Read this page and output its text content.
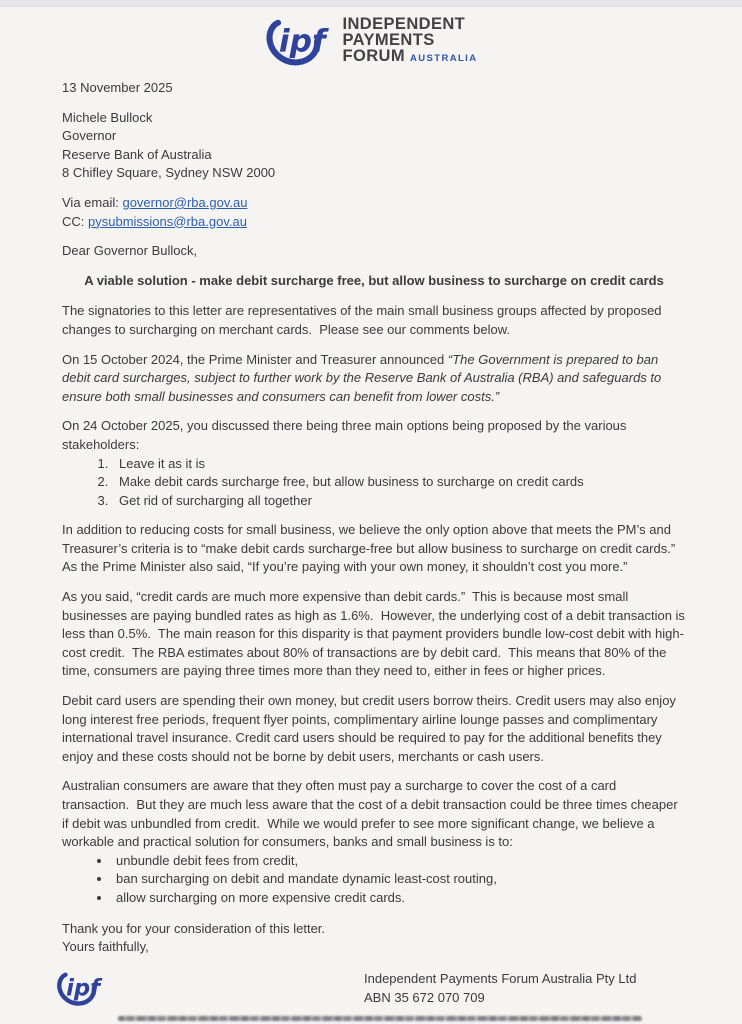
ipf INDEPENDENT
PAYMENTS
FORUM AUSTRALIA

13 November 2025

Michele Bullock
Governor
Reserve Bank of Australia
8 Chifley Square, Sydney NSW 2000

Via email: governor@rba.gov.au

CC: pysubmissions@rba.gov.au

Dear Governor Bullock,

A viable solution - make debit surcharge free, but allow business to surcharge on credit cards

The signatories to this letter are representatives of the main small business groups affected by proposed changes to surcharging on merchant cards.  Please see our comments below.

On 15 October 2024, the Prime Minister and Treasurer announced “The Government is prepared to ban debit card surcharges, subject to further work by the Reserve Bank of Australia (RBA) and safeguards to ensure both small businesses and consumers can benefit from lower costs.”

On 24 October 2025, you discussed there being three main options being proposed by the various stakeholders:

1. Leave it as it is
2. Make debit cards surcharge free, but allow business to surcharge on credit cards
3. Get rid of surcharging all together

In addition to reducing costs for small business, we believe the only option above that meets the PM’s and Treasurer’s criteria is to “make debit cards surcharge-free but allow business to surcharge on credit cards.” As the Prime Minister also said, “If you’re paying with your own money, it shouldn’t cost you more.”

As you said, “credit cards are much more expensive than debit cards.”  This is because most small businesses are paying bundled rates as high as 1.6%.  However, the underlying cost of a debit transaction is less than 0.5%.  The main reason for this disparity is that payment providers bundle low-cost debit with high-cost credit.  The RBA estimates about 80% of transactions are by debit card.  This means that 80% of the time, consumers are paying three times more than they need to, either in fees or higher prices.

Debit card users are spending their own money, but credit users borrow theirs. Credit users may also enjoy long interest free periods, frequent flyer points, complimentary airline lounge passes and complimentary international travel insurance. Credit card users should be required to pay for the additional benefits they enjoy and these costs should not be borne by debit users, merchants or cash users.

Australian consumers are aware that they often must pay a surcharge to cover the cost of a card transaction.  But they are much less aware that the cost of a debit transaction could be three times cheaper if debit was unbundled from credit.  While we would prefer to see more significant change, we believe a workable and practical solution for consumers, banks and small business is to:

• unbundle debit fees from credit,
• ban surcharging on debit and mandate dynamic least-cost routing,
• allow surcharging on more expensive credit cards.

Thank you for your consideration of this letter.

Yours faithfully,

ipf	Independent Payments Forum Australia Pty Ltd
ABN 35 672 070 709
